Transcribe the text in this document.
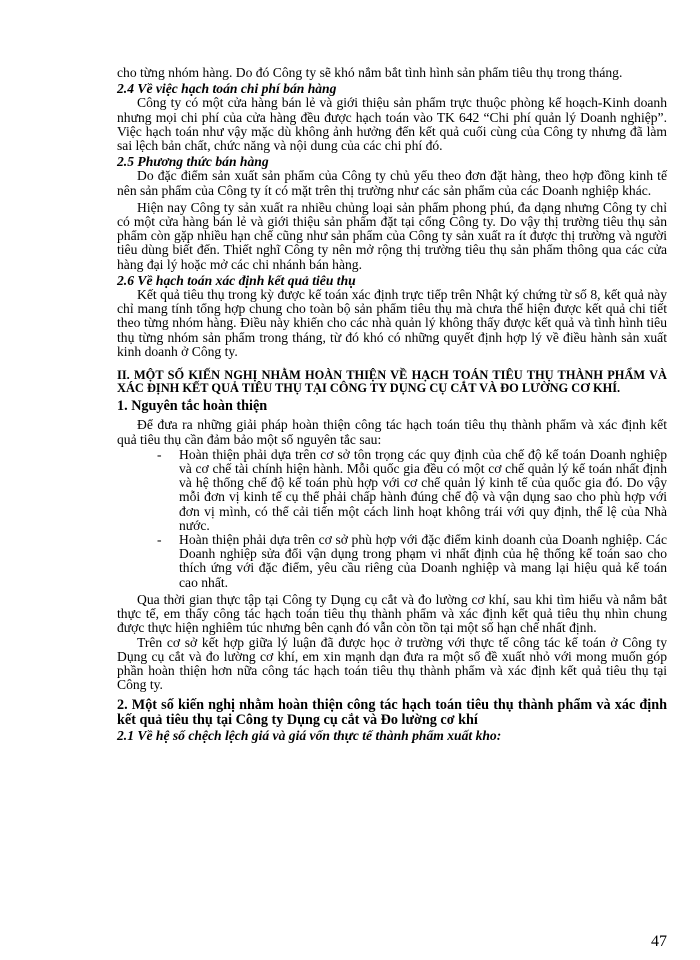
cho từng nhóm hàng. Do đó Công ty sẽ khó nắm bắt tình hình sản phẩm tiêu thụ trong tháng.

2.4 Về việc hạch toán chi phí bán hàng

Công ty có một cửa hàng bán lẻ và giới thiệu sản phẩm trực thuộc phòng kế hoạch-Kinh doanh nhưng mọi chi phí của cửa hàng đều được hạch toán vào TK 642 “Chi phí quản lý Doanh nghiệp”. Việc hạch toán như vậy mặc dù không ảnh hưởng đến kết quả cuối cùng của Công ty nhưng đã làm sai lệch bản chất, chức năng và nội dung của các chi phí đó.

2.5 Phương thức bán hàng

Do đặc điểm sản xuất sản phẩm của Công ty chủ yếu theo đơn đặt hàng, theo hợp đồng kinh tế nên sản phẩm của Công ty ít có mặt trên thị trường như các sản phẩm của các Doanh nghiệp khác.

Hiện nay Công ty sản xuất ra nhiều chủng loại sản phẩm phong phú, đa dạng nhưng Công ty chỉ có một cửa hàng bán lẻ và giới thiệu sản phẩm đặt tại cổng Công ty. Do vậy thị trường tiêu thụ sản phẩm còn gặp nhiều hạn chế cũng như sản phẩm của Công ty sản xuất ra ít được thị trường và người tiêu dùng biết đến. Thiết nghĩ Công ty nên mở rộng thị trường tiêu thụ sản phẩm thông qua các cửa hàng đại lý hoặc mở các chi nhánh bán hàng.

2.6 Về hạch toán xác định kết quả tiêu thụ

Kết quả tiêu thụ trong kỳ được kế toán xác định trực tiếp trên Nhật ký chứng từ số 8, kết quả này chỉ mang tính tổng hợp chung cho toàn bộ sản phẩm tiêu thụ mà chưa thể hiện được kết quả chi tiết theo từng nhóm hàng. Điều này khiến cho các nhà quản lý không thấy được kết quả và tình hình tiêu thụ từng nhóm sản phẩm trong tháng, từ đó khó có những quyết định hợp lý về điều hành sản xuất kinh doanh ở Công ty.

II. MỘT SỐ KIẾN NGHỊ NHẰM HOÀN THIỆN VỀ HẠCH TOÁN TIÊU THỤ THÀNH PHẨM VÀ XÁC ĐỊNH KẾT QUẢ TIÊU THỤ TẠI CÔNG TY DỤNG CỤ CẮT VÀ ĐO LƯỜNG CƠ KHÍ.

1. Nguyên tắc hoàn thiện

Để đưa ra những giải pháp hoàn thiện công tác hạch toán tiêu thụ thành phẩm và xác định kết quả tiêu thụ cần đảm bảo một số nguyên tắc sau:

- Hoàn thiện phải dựa trên cơ sở tôn trọng các quy định của chế độ kế toán Doanh nghiệp và cơ chế tài chính hiện hành. Mỗi quốc gia đều có một cơ chế quản lý kế toán nhất định và hệ thống chế độ kế toán phù hợp với cơ chế quản lý kinh tế của quốc gia đó. Do vậy mỗi đơn vị kinh tế cụ thể phải chấp hành đúng chế độ và vận dụng sao cho phù hợp với đơn vị mình, có thể cải tiến một cách linh hoạt không trái với quy định, thể lệ của Nhà nước.
- Hoàn thiện phải dựa trên cơ sở phù hợp với đặc điểm kinh doanh của Doanh nghiệp. Các Doanh nghiệp sửa đổi vận dụng trong phạm vi nhất định của hệ thống kế toán sao cho thích ứng với đặc điểm, yêu cầu riêng của Doanh nghiệp và mang lại hiệu quả kế toán cao nhất.

Qua thời gian thực tập tại Công ty Dụng cụ cắt và đo lường cơ khí, sau khi tìm hiểu và nắm bắt thực tế, em thấy công tác hạch toán tiêu thụ thành phẩm và xác định kết quả tiêu thụ nhìn chung được thực hiện nghiêm túc nhưng bên cạnh đó vẫn còn tồn tại một số hạn chế nhất định.

Trên cơ sở kết hợp giữa lý luận đã được học ở trường với thực tế công tác kế toán ở Công ty Dụng cụ cắt và đo lường cơ khí, em xin mạnh dạn đưa ra một số đề xuất nhỏ với mong muốn góp phần hoàn thiện hơn nữa công tác hạch toán tiêu thụ thành phẩm và xác định kết quả tiêu thụ tại Công ty.

2. Một số kiến nghị nhằm hoàn thiện công tác hạch toán tiêu thụ thành phẩm và xác định kết quả tiêu thụ tại Công ty Dụng cụ cắt và Đo lường cơ khí

2.1 Về hệ số chệch lệch giá và giá vốn thực tế thành phẩm xuất kho:

47
